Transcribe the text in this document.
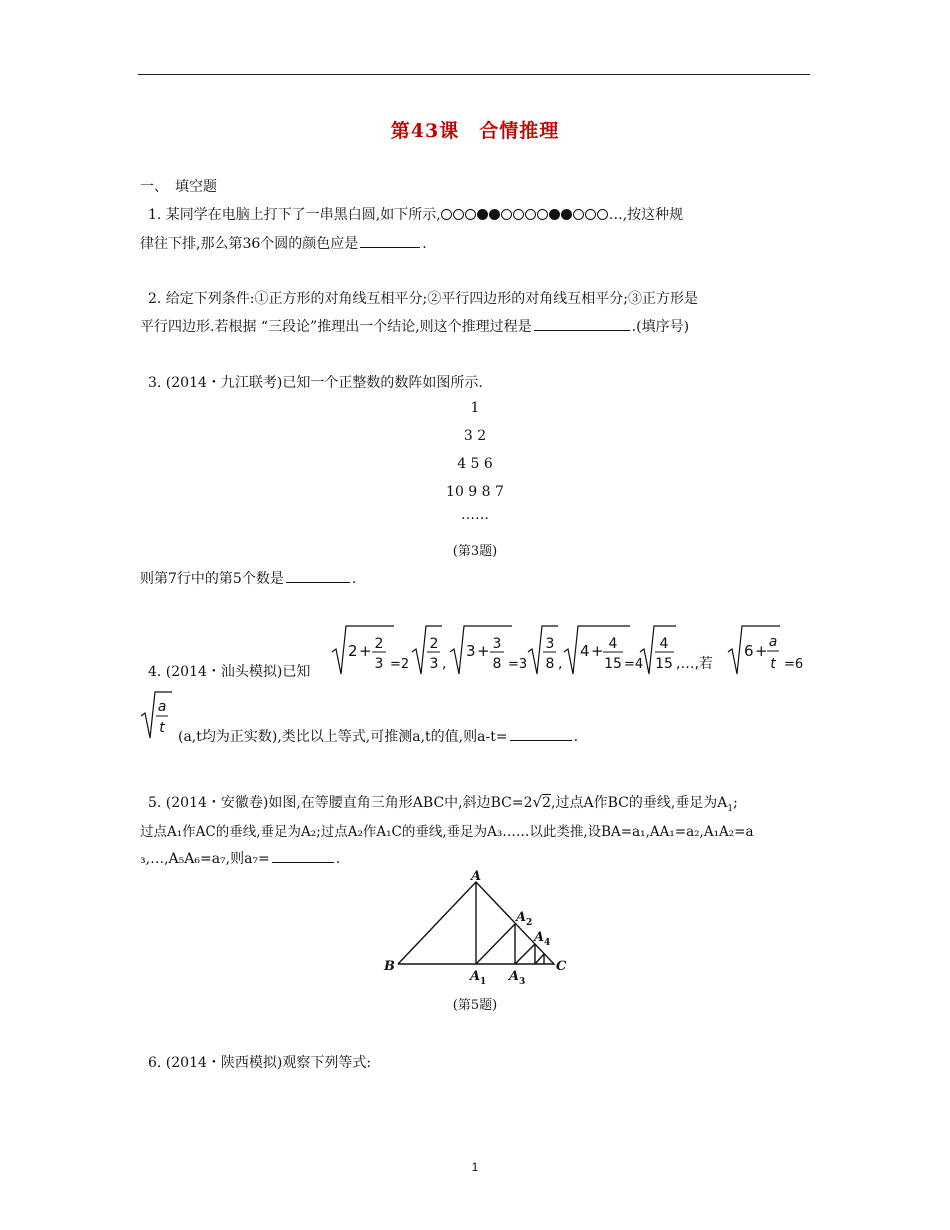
第43课　合情推理
一、　填空题
1. 某同学在电脑上打下了一串黑白圆,如下所示,	…,按这种规
律往下排,那么第36个圆的颜色应是	.
2. 给定下列条件:①正方形的对角线互相平分;②平行四边形的对角线互相平分;③正方形是
平行四边形.若根据 “三段论”推理出一个结论,则这个推理过程是	.(填序号)
3. (2014・九江联考)已知一个正整数的数阵如图所示.
1
3 2
4 5 6
10 9 8 7
……
(第3题)
则第7行中的第5个数是	.
4. (2014・汕头模拟)已知
2 + 2
3 =2
2
3 ,
3 + 3
8 =3
3
8 ,
4 + 4
15 =4
4
15 ,…,若
6 + a
t =6
a
t
(a,t均为正实数),类比以上等式,可推测a,t的值,则a-t=	.
5. (2014・安徽卷)如图,在等腰直角三角形ABC中,斜边BC=2√2,过点A作BC的垂线,垂足为$A_1$;
过点A₁作AC的垂线,垂足为A₂;过点A₂作A₁C的垂线,垂足为A₃……以此类推,设BA=a₁,AA₁=a₂,A₁A₂=a
₃,…,A₅A₆=a₇,则a₇=	.
A
A 2
A 4
B
A 1 A 3
C
(第5题)
6. (2014・陕西模拟)观察下列等式:
1
